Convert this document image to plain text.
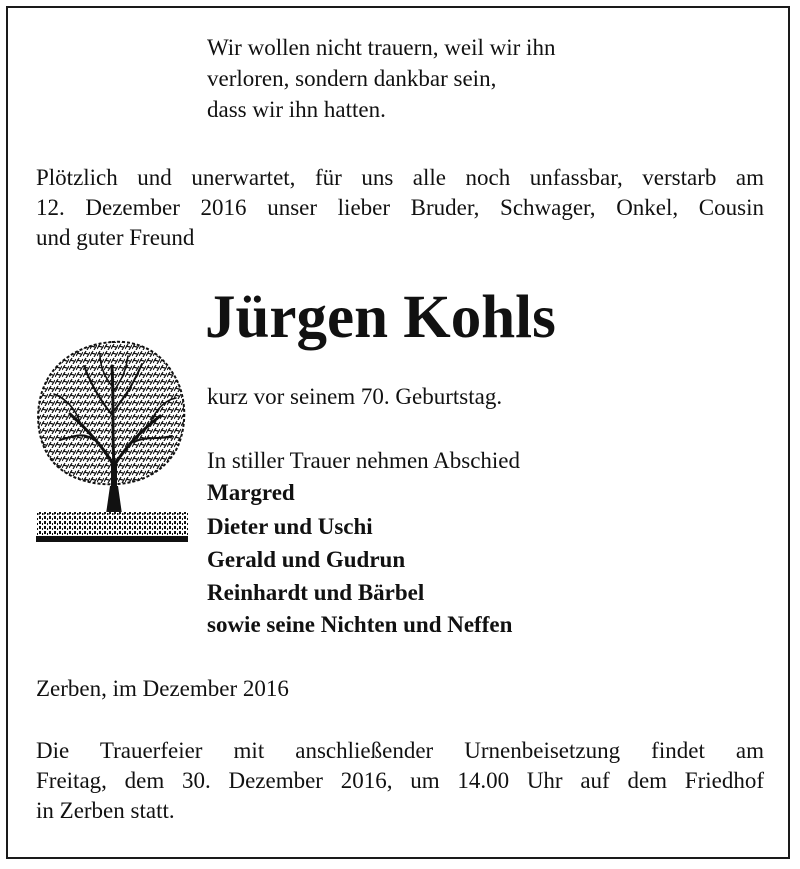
Wir wollen nicht trauern, weil wir ihn
verloren, sondern dankbar sein,
dass wir ihn hatten.
Plötzlich und unerwartet, für uns alle noch unfassbar, verstarb am
12. Dezember 2016 unser lieber Bruder, Schwager, Onkel, Cousin
und guter Freund
Jürgen Kohls
kurz vor seinem 70. Geburtstag.
In stiller Trauer nehmen Abschied
Margred
Dieter und Uschi
Gerald und Gudrun
Reinhardt und Bärbel
sowie seine Nichten und Neffen
Zerben, im Dezember 2016
Die Trauerfeier mit anschließender Urnenbeisetzung findet am
Freitag, dem 30. Dezember 2016, um 14.00 Uhr auf dem Friedhof
in Zerben statt.
